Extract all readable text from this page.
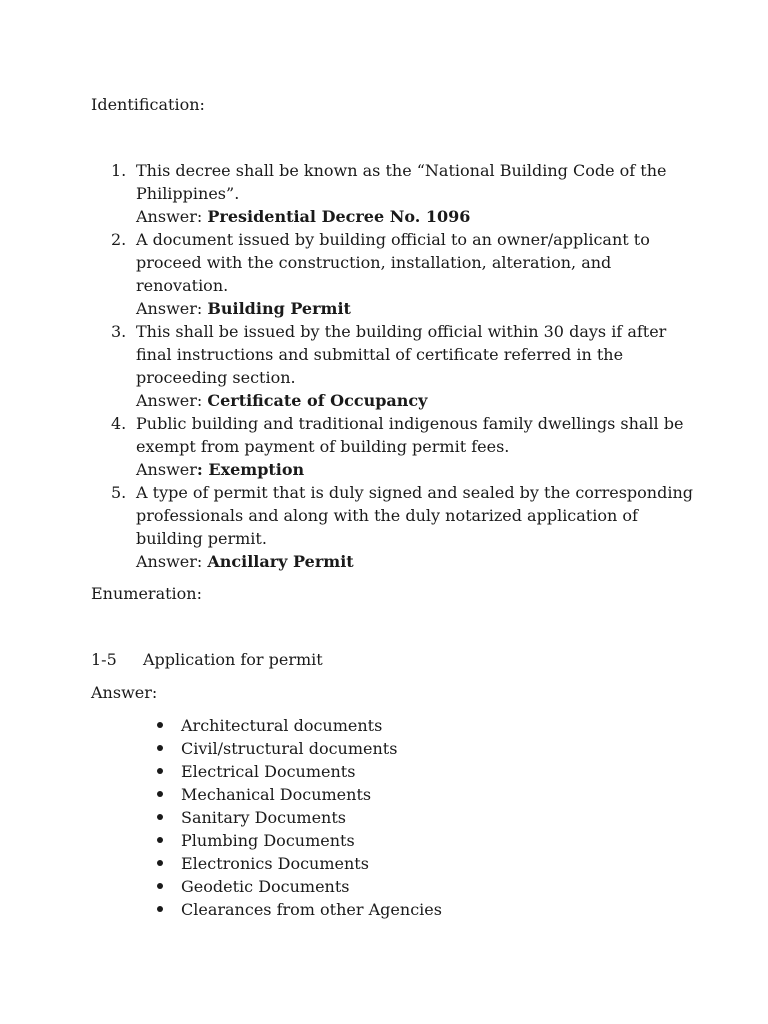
Identification:
1. This decree shall be known as the “National Building Code of the Philippines”.
Answer: Presidential Decree No. 1096
2. A document issued by building official to an owner/applicant to proceed with the construction, installation, alteration, and renovation.
Answer: Building Permit
3. This shall be issued by the building official within 30 days if after final instructions and submittal of certificate referred in the proceeding section.
Answer: Certificate of Occupancy
4. Public building and traditional indigenous family dwellings shall be exempt from payment of building permit fees.
Answer: Exemption
5. A type of permit that is duly signed and sealed by the corresponding professionals and along with the duly notarized application of building permit.
Answer: Ancillary Permit
Enumeration:
1-5 Application for permit
Answer:
Architectural documents
Civil/structural documents
Electrical Documents
Mechanical Documents
Sanitary Documents
Plumbing Documents
Electronics Documents
Geodetic Documents
Clearances from other Agencies
